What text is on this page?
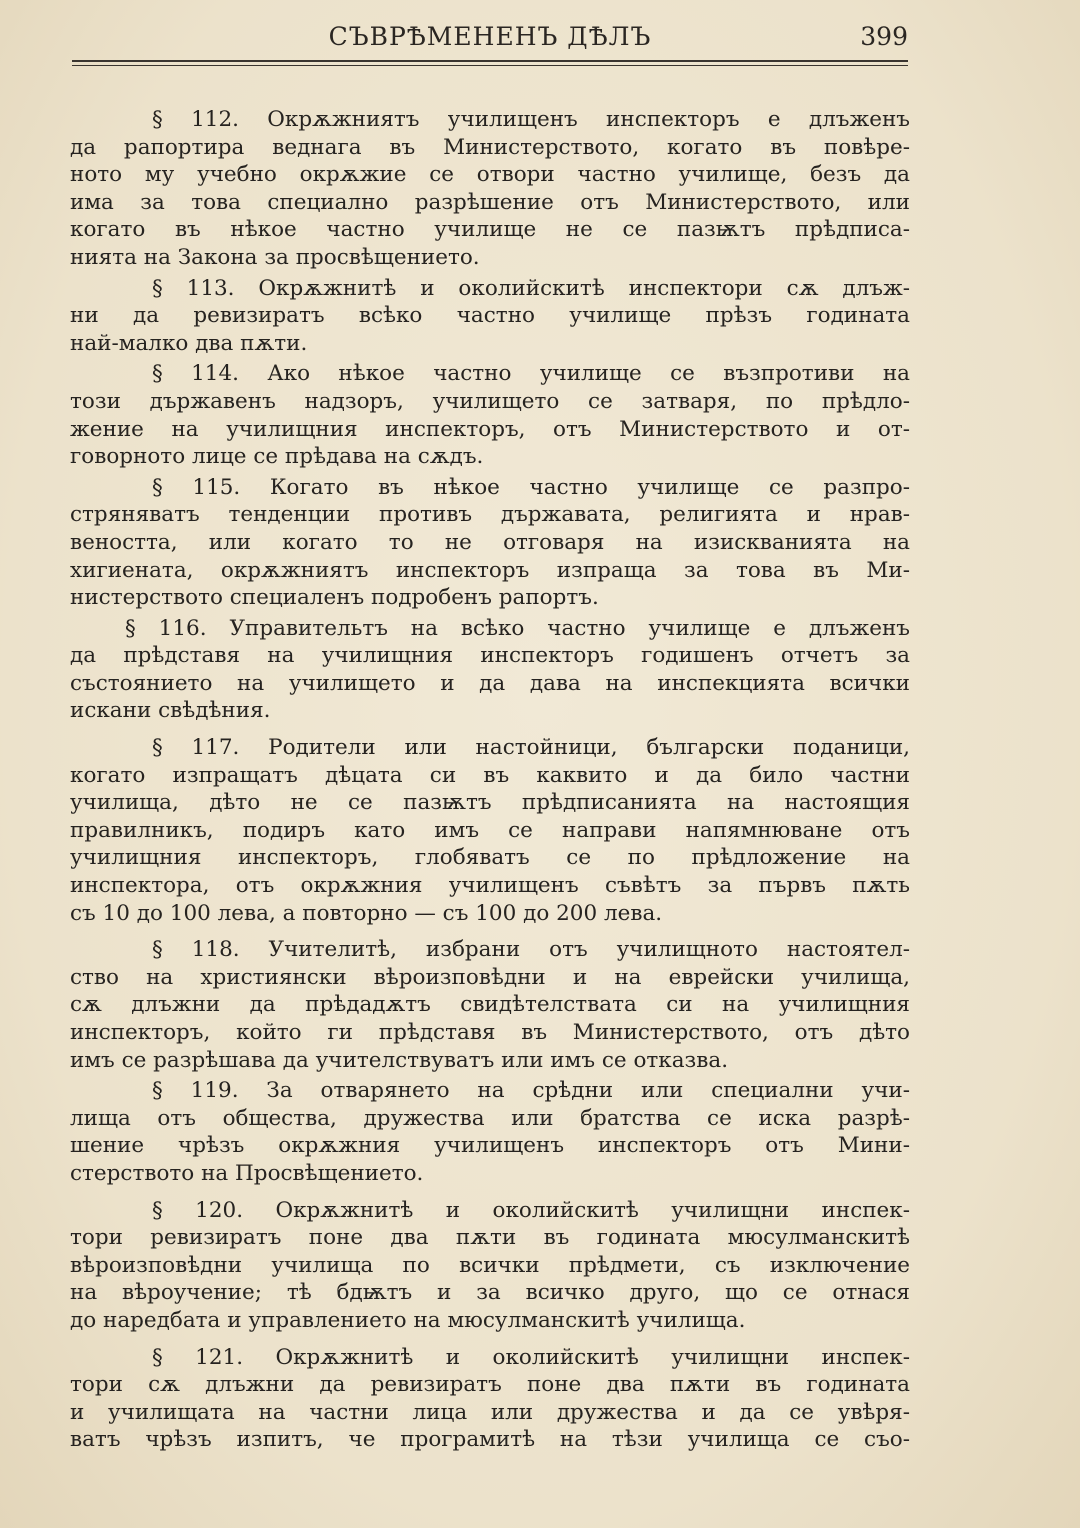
СЪВРѢМЕНЕНЪ ДѢЛЪ	399

§ 112. Окрѫжниятъ училищенъ инспекторъ е длъженъ
да рапортира веднага въ Министерството, когато въ повѣре-
ното му учебно окрѫжие се отвори частно училище, безъ да
има за това специално разрѣшение отъ Министерството, или
когато въ нѣкое частно училище не се пазѭтъ прѣдписа-
нията на Закона за просвѣщението.

§ 113. Окрѫжнитѣ и околийскитѣ инспектори сѫ длъж-
ни да ревизиратъ всѣко частно училище прѣзъ годината
най-малко два пѫти.

§ 114. Ако нѣкое частно училище се възпротиви на
този държавенъ надзоръ, училището се затваря, по прѣдло-
жение на училищния инспекторъ, отъ Министерството и от-
говорното лице се прѣдава на сѫдъ.

§ 115. Когато въ нѣкое частно училище се разпро-
стряняватъ тенденции противъ държавата, религията и нрав-
веността, или когато то не отговаря на изискванията на
хигиената, окрѫжниятъ инспекторъ изпраща за това въ Ми-
нистерството специаленъ подробенъ рапортъ.

§ 116. Управительтъ на всѣко частно училище е длъженъ
да прѣдставя на училищния инспекторъ годишенъ отчетъ за
състоянието на училището и да дава на инспекцията всички
искани свѣдѣния.

§ 117. Родители или настойници, български поданици,
когато изпращатъ дѣцата си въ каквито и да било частни
училища, дѣто не се пазѭтъ прѣдписанията на настоящия
правилникъ, подиръ като имъ се направи напямнюване отъ
училищния инспекторъ, глобяватъ се по прѣдложение на
инспектора, отъ окрѫжния училищенъ съвѣтъ за първъ пѫть
съ 10 до 100 лева, а повторно — съ 100 до 200 лева.

§ 118. Учителитѣ, избрани отъ училищното настоятел-
ство на християнски вѣроизповѣдни и на еврейски училища,
сѫ длъжни да прѣдадѫтъ свидѣтелствата си на училищния
инспекторъ, който ги прѣдставя въ Министерството, отъ дѣто
имъ се разрѣшава да учителствуватъ или имъ се отказва.

§ 119. За отварянето на срѣдни или специални учи-
лища отъ общества, дружества или братства се иска разрѣ-
шение чрѣзъ окрѫжния училищенъ инспекторъ отъ Мини-
стерството на Просвѣщението.

§ 120. Окрѫжнитѣ и околийскитѣ училищни инспек-
тори ревизиратъ поне два пѫти въ годината мюсулманскитѣ
вѣроизповѣдни училища по всички прѣдмети, съ изключение
на вѣроучение; тѣ бдѭтъ и за всичко друго, що се отнася
до наредбата и управлението на мюсулманскитѣ училища.

§ 121. Окрѫжнитѣ и околийскитѣ училищни инспек-
тори сѫ длъжни да ревизиратъ поне два пѫти въ годината
и училищата на частни лица или дружества и да се увѣря-
ватъ чрѣзъ изпитъ, че програмитѣ на тѣзи училища се съо-
